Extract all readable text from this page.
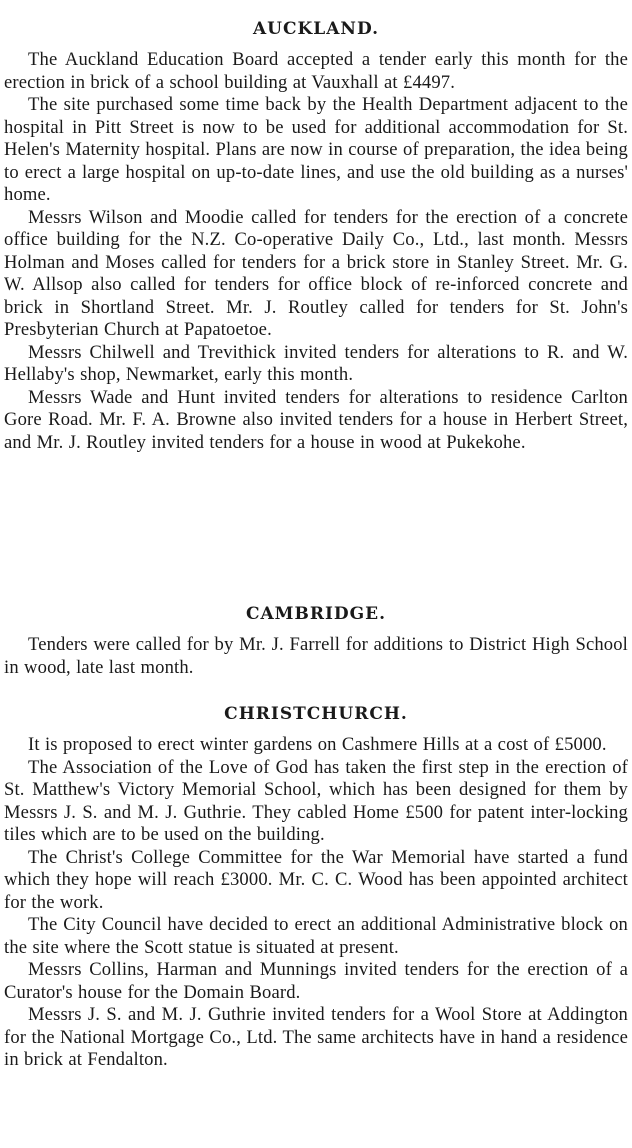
AUCKLAND.

The Auckland Education Board accepted a tender early this month for the erection in brick of a school building at Vauxhall at £4497.

The site purchased some time back by the Health Department adjacent to the hospital in Pitt Street is now to be used for additional accommodation for St. Helen's Maternity hospital. Plans are now in course of preparation, the idea being to erect a large hospital on up-to-date lines, and use the old building as a nurses' home.

Messrs Wilson and Moodie called for tenders for the erection of a concrete office building for the N.Z. Co-operative Daily Co., Ltd., last month. Messrs Holman and Moses called for tenders for a brick store in Stanley Street. Mr. G. W. Allsop also called for tenders for office block of re-inforced concrete and brick in Shortland Street. Mr. J. Routley called for tenders for St. John's Presbyterian Church at Papatoetoe.

Messrs Chilwell and Trevithick invited tenders for alterations to R. and W. Hellaby's shop, Newmarket, early this month.

Messrs Wade and Hunt invited tenders for alterations to residence Carlton Gore Road. Mr. F. A. Browne also invited tenders for a house in Herbert Street, and Mr. J. Routley invited tenders for a house in wood at Pukekohe.

CAMBRIDGE.

Tenders were called for by Mr. J. Farrell for additions to District High School in wood, late last month.

CHRISTCHURCH.

It is proposed to erect winter gardens on Cashmere Hills at a cost of £5000.

The Association of the Love of God has taken the first step in the erection of St. Matthew's Victory Memorial School, which has been designed for them by Messrs J. S. and M. J. Guthrie. They cabled Home £500 for patent inter-locking tiles which are to be used on the building.

The Christ's College Committee for the War Memorial have started a fund which they hope will reach £3000. Mr. C. C. Wood has been appointed architect for the work.

The City Council have decided to erect an additional Administrative block on the site where the Scott statue is situated at present.

Messrs Collins, Harman and Munnings invited tenders for the erection of a Curator's house for the Domain Board.

Messrs J. S. and M. J. Guthrie invited tenders for a Wool Store at Addington for the National Mortgage Co., Ltd. The same architects have in hand a residence in brick at Fendalton.
